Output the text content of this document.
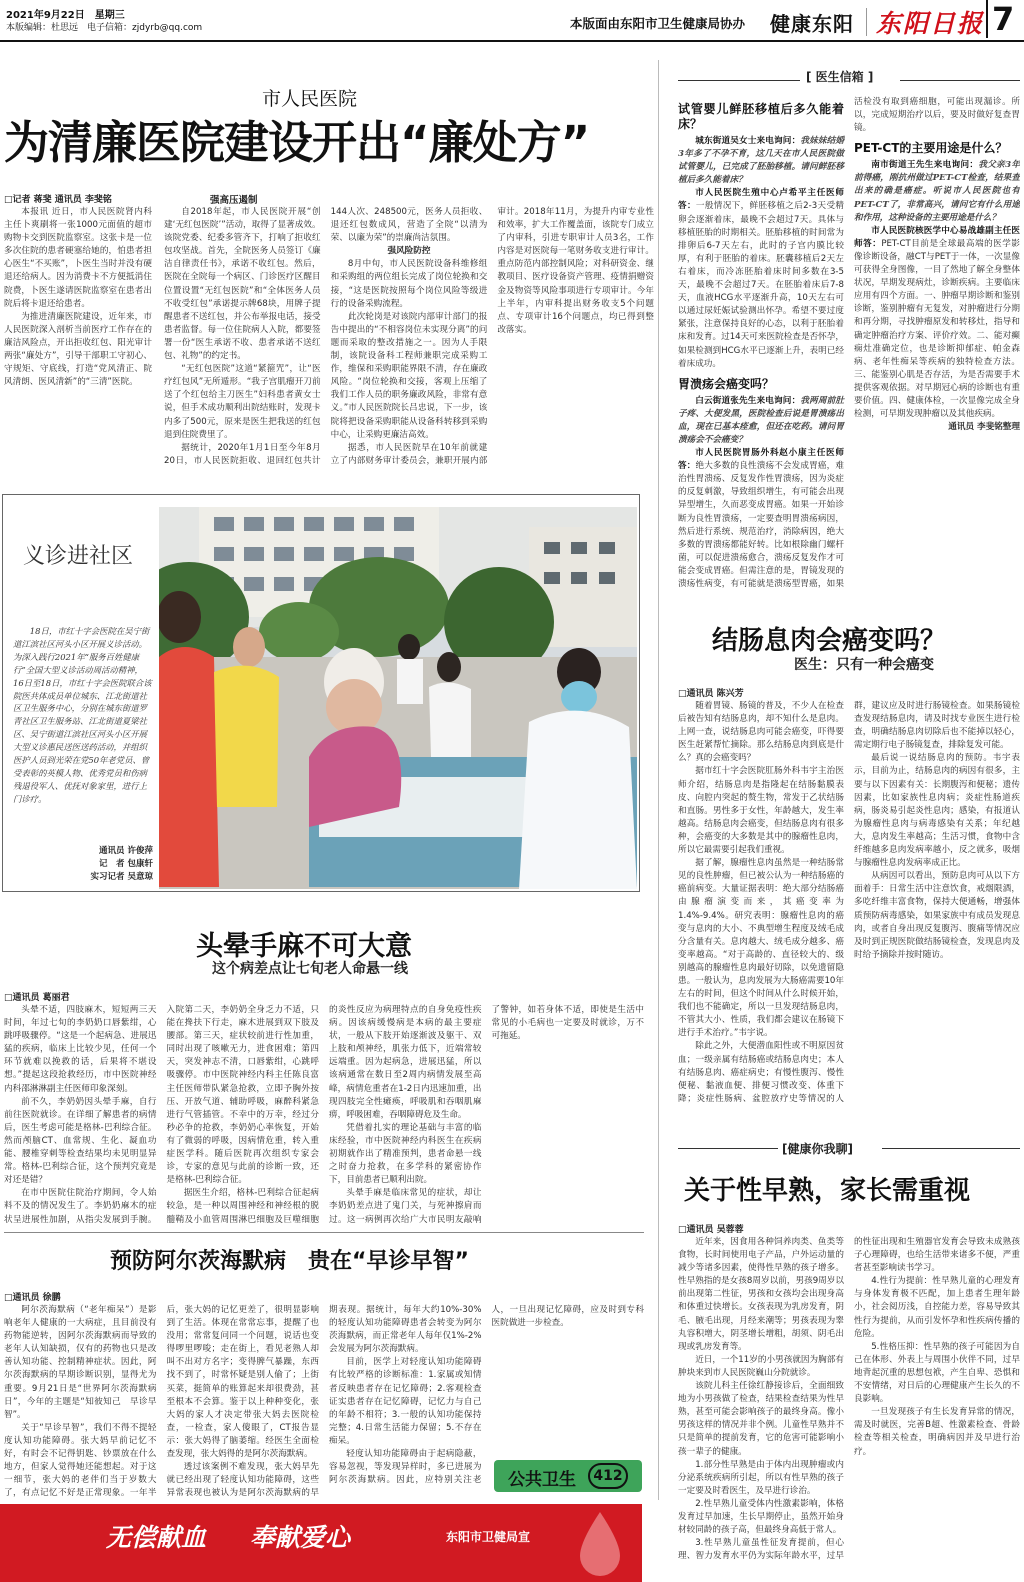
2021年9月22日　星期三
本版编辑：杜思远　电子信箱：zjdyrb@qq.com	本版面由东阳市卫生健康局协办 健康东阳 东阳日报 7
市人民医院
为清廉医院建设开出“廉处方”
□记者 蒋斐 通讯员 李斐铭

本报讯 近日，市人民医院肾内科主任卜爽刷将一张1000元面值的超市购物卡交到医院监察室。这张卡是一位多次住院的患者硬塞给她的，怕患者担心医生“不买账”，卜医生当时并没有硬退还给病人。因为消费卡不方便抵消住院费，卜医生遂请医院监察室在患者出院后将卡退还给患者。

为推进清廉医院建设，近年来，市人民医院深入剖析当前医疗工作存在的廉洁风险点，开出拒收红包、阳光审计两张“廉处方”，引导干部职工守初心、守规矩、守底线，打造“党风清正、院风清朗、医风清新”的“三清”医院。

强高压遏制

自2018年起，市人民医院开展“创建‘无红包医院’”活动，取得了显著成效。该院党委、纪委多管齐下，打响了拒收红包攻坚战。首先，全院医务人员签订《廉洁自律责任书》，承诺不收红包。然后，医院在全院每一个病区、门诊医疗区醒目位置设置“无红包医院”和“全体医务人员不收受红包”承诺提示牌68块，用牌子提醒患者不送红包，并公布举报电话，接受患者监督。每一位住院病人入院，都要签署一份“医生承诺不收、患者承诺不送红包、礼物”的约定书。

“无红包医院”这道“紧箍咒”，让“医疗红包风”无所遁形。“我子宫肌瘤开刀前送了个红包给主刀医生”妇科患者黄女士说，但手术成功顺利出院结账时，发现卡内多了500元，原来是医生把我送的红包退到住院费里了。

据统计，2020年1月1日至今年8月20日，市人民医院拒收、退回红包共计144人次、248500元，医务人员拒收、退还红包数成风，营造了全院“以清为荣、以廉为荣”的崇廉尚洁氛围。

强风险防控

8月中旬，市人民医院设备科维修组和采购组的两位组长完成了岗位轮换和交接，“这是医院按照每个岗位风险等级进行的设备采购流程。

此次轮岗是对该院内部审计部门的报告中提出的“不相容岗位未实现分离”的问题而采取的整改措施之一。因为人手限制，该院设备科工程师兼职完成采购工作，维保和采购职能界限不清，存在廉政风险。“岗位轮换和交接，客观上压缩了我们工作人员的职务廉政风险，非常有意义。”市人民医院院长吕忠说，下一步，该院将把设备采购职能从设备科转移到采购中心，让采购更廉洁高效。

据悉，市人民医院早在10年前就建立了内部财务审计委员会，兼职开展内部审计。2018年11月，为提升内审专业性和效率，扩大工作覆盖面，该院专门成立了内审科，引进专职审计人员3名，工作内容是对医院每一笔财务收支进行审计。重点防范内部控制风险；对科研资金、继教项目、医疗设备资产管理、疫情捐赠资金及物资等风险事项进行专项审计。今年上半年，内审科提出财务收支5个问题点、专项审计16个问题点，均已得到整改落实。

义诊进社区
18日，市红十字会医院在吴宁街道江滨社区河头小区开展义诊活动。为深入践行2021年“服务百姓健康行”全国大型义诊活动周活动精神，16日至18日，市红十字会医院联合该院医共体成员单位城东、江北街道社区卫生服务中心，分别在城东街道罗青社区卫生服务站、江北街道夏梁社区、吴宁街道江滨社区河头小区开展大型义诊惠民送医送药活动，并组织医护人员到光荣在党50年老党员、曾受表彰的英模人物、优秀党员和伤病残退役军人、优抚对象家里，进行上门诊疗。
通讯员 许俊萍
记　者 包康轩
实习记者 吴意琼
头晕手麻不可大意
这个病差点让七旬老人命悬一线
□通讯员 葛丽君

头晕不适，四肢麻木，短短两三天时间，年过七旬的李奶奶口唇紫绀，心跳呼吸骤停。“这是一个起病急、进展迅猛的疾病，临床上比较少见，任何一个环节就难以挽救的话，后果将不堪设想。”提起这段抢救经历，市中医院神经内科邵淋淋副主任医师印象深刻。

前不久，李奶奶因头晕手麻，自行前往医院就诊。在详细了解患者的病情后，医生考虑可能是格林-巴利综合征。然而颅脑CT、血常规、生化、凝血功能、腰椎穿刺等检查结果均未见明显异常。格林-巴利综合征，这个预判究竟是对还是错？

在市中医院住院治疗期间，令人始料不及的情况发生了。李奶奶麻木的症状呈进展性加剧，从指尖发展到手腕。入院第二天，李奶奶全身乏力不适，只能在搀扶下行走，麻木进展到双下肢及腰部。第三天，症状较前进行性加重，同时出现了咳嗽无力，进食困难；第四天，突发神志不清，口唇紫绀，心跳呼吸骤停。市中医院神经内科主任陈良富主任医师带队紧急抢救，立即予胸外按压、开放气道、辅助呼吸，麻醉科紧急进行气管插管。不幸中的万幸，经过分秒必争的抢救，李奶奶心率恢复，开始有了微弱的呼吸，因病情危重，转入重症医学科。随后医院再次组织专家会诊，专家的意见与此前的诊断一致，还是格林-巴利综合征。

据医生介绍，格林-巴利综合征起病较急，是一种以周围神经和神经根的脱髓鞘及小血管周围淋巴细胞及巨噬细胞的炎性反应为病理特点的自身免疫性疾病。因该病缓慢病是本病的最主要症状，一般从下肢开始逐渐波及躯干、双上肢和颅神经，肌张力低下，近端常较远端重。因为起病急，进展迅猛，所以该病通常在数日至2周内病情发展至高峰，病情危重者在1-2日内迅速加重，出现四肢完全性瘫痪，呼吸肌和吞咽肌麻痹，呼吸困难，吞咽障碍危及生命。

凭借着扎实的理论基础与丰富的临床经验，市中医院神经内科医生在疾病初期就作出了精准预判，患者命悬一线之时奋力抢救，在多学科的紧密协作下，目前患者已顺利出院。

头晕手麻是临床常见的症状，却让李奶奶差点进了鬼门关，与死神擦肩而过。这一病例再次给广大市民明友敲响了警钟，如若身体不适，即使是生活中常见的小毛病也一定要及时就诊，万不可拖延。

预防阿尔茨海默病　贵在“早诊早智”
□通讯员 徐鹏

阿尔茨海默病（“老年痴呆”）是影响老年人健康的一大病症，且目前没有药物能逆转，因阿尔茨海默病而导致的老年人认知缺损，仅有的药物也只是改善认知功能、控制精神症状。因此，阿尔茨海默病的早期诊断识别，显得尤为重要。9月21日是“世界阿尔茨海默病日”，今年的主题是“知彼知己　早诊早智”。

关于“早诊早智”，我们不得不提轻度认知功能障碍。张大妈早前记忆不好，有时会不记得钥匙、钞票放在什么地方，但家人觉得她还能想起。对于这一细节，张大妈的老伴们当于岁数大了，有点记忆不好是正常现象。一年半后，张大妈的记忆更差了，很明显影响到了生活。体现在常常忘事，提醒了也没用；常常复问同一个问题，说话也变得啰里啰唆；走在街上，看见老熟人却叫不出对方名字；变得脾气暴躁，东西找不到了，时常怀疑是别人偷了；上街买菜，挺简单的账算起来却很费劲，甚至根本不会算。鉴于以上种种变化，张大妈的家人才决定带张大妈去医院检查，一检查，家人傻眼了，CT报告显示：张大妈得了脑萎缩。经医生全面检查发现，张大妈得的是阿尔茨海默病。

透过该案例不难发现，张大妈早先就已经出现了轻度认知功能障碍，这些异常表现也被认为是阿尔茨海默病的早期表现。据统计，每年大约10%-30%的轻度认知功能障碍患者会转变为阿尔茨海默病，而正常老年人每年仅1%-2%会发展为阿尔茨海默病。

目前，医学上对轻度认知功能障碍有比较严格的诊断标准：1.家属或知情者反映患者存在记忆障碍；2.客观检查证实患者存在记忆障碍，记忆力与自己的年龄不相符；3.一般的认知功能保持完整；4.日常生活能力保留；5.不存在痴呆。

轻度认知功能障碍由于起病隐蔽，容易忽视，等发现异样时，多已进展为阿尔茨海默病。因此，应特别关注老人，一旦出现记忆障碍，应及时到专科医院做进一步检查。

公共卫生	412
无偿献血 奉献爱心	东阳市卫健局宣
[ 医生信箱 ]
试管婴儿鲜胚移植后多久能着床？

城东街道吴女士来电询问：我妹妹结婚3年多了不孕不育，这几天在市人民医院做试管婴儿，已完成了胚胎移植。请问鲜胚移植后多久能着床？

市人民医院生殖中心卢希平主任医师答：一般情况下，鲜胚移植之后2-3天受精卵会逐渐着床，最晚不会超过7天。具体与移植胚胎的时期相关。胚胎移植的时间常为排卵后6-7天左右，此时的子宫内膜比较厚，有利于胚胎的着床。胚囊移植后2天左右着床，而冷冻胚胎着床时间多数在3-5天，最晚不会超过7天。在胚胎着床后7-8天，血液HCG水平逐渐升高，10天左右可以通过尿妊娠试验测出怀孕。希望不要过度紧张，注意保持良好的心态，以利于胚胎着床和发育。过14天可来医院检查是否怀孕，如果检测到HCG水平已逐渐上升，表明已经着床成功。

胃溃疡会癌变吗？

白云街道张先生来电询问：我两周前肚子疼、大便发黑，医院检查后说是胃溃疡出血，现在已基本痊愈，但还在吃药。请问胃溃疡会不会癌变？

市人民医院胃肠外科赵小康主任医师答：绝大多数的良性溃疡不会发成胃癌，难治性胃溃疡、反复发作性胃溃疡，因为炎症的反复刺激，导致组织增生，有可能会出现异型增生，久而恶变成胃癌。如果一开始诊断为良性胃溃疡，一定要查明胃溃疡病因，然后进行系统、规范治疗，消除病因，绝大多数的胃溃疡都能好转。比如根除幽门螺杆菌，可以促进溃疡愈合，溃疡反复发作才可能会变成胃癌。但需注意的是，胃镜发现的溃疡性病变，有可能就是溃疡型胃癌，如果活检没有取到癌细胞，可能出现漏诊。所以，完成短期治疗以后，要及时做好复查胃镜。

PET-CT的主要用途是什么？

南市街道王先生来电询问：我父亲3年前得癌，刚抗州做过PET-CT检查，结果查出来的确是癌症。听说市人民医院也有PET-CT了，非常高兴，请问它有什么用途和作用，这种设备的主要用途是什么？

市人民医院核医学中心易战雄副主任医师答：PET-CT目前是全球最高端的医学影像诊断设备，融CT与PET于一体，一次显像可获得全身图像，一目了然地了解全身整体状况，早期发现病灶，诊断疾病。主要临床应用有四个方面。一、肿瘤早期诊断和鉴别诊断，鉴别肿瘤有无复发，对肿瘤进行分期和再分期，寻找肿瘤原发和转移灶，指导和确定肿瘤治疗方案、评价疗效。二、能对癫痫灶准确定位，也是诊断抑郁症、帕金森病、老年性痴呆等疾病的独特检查方法。三、能鉴别心肌是否存活，为是否需要手术提供客观依据。对早期冠心病的诊断也有重要价值。四、健康体检，一次显像完成全身检测，可早期发现肿瘤以及其他疾病。

通讯员 李斐铭整理
结肠息肉会癌变吗？
医生：只有一种会癌变
□通讯员 陈兴芳

随着胃镜、肠镜的普及，不少人在检查后被告知有结肠息肉，却不知什么是息肉。上网一查，说结肠息肉可能会癌变，吓得要医生赶紧帮忙摘除。那么结肠息肉到底是什么？真的会癌变吗？

据市红十字会医院肛肠外科韦宇主治医师介绍，结肠息肉是指隆起在结肠黏膜表皮、向腔内突起的赘生物，常发于乙状结肠和直肠。男性多于女性，年龄越大，发生率越高。结肠息肉会癌变，但结肠息肉有很多种，会癌变的大多数是其中的腺瘤性息肉，所以它最需要引起我们重视。

据了解，腺瘤性息肉虽然是一种结肠常见的良性肿瘤，但已被公认为一种结肠癌的癌前病变。大量证据表明：绝大部分结肠癌由腺瘤演变而来，其癌变率为1.4%-9.4%。研究表明：腺瘤性息肉的癌变与息肉的大小、不典型增生程度及绒毛成分含量有关。息肉越大、绒毛成分越多、癌变率越高。“对于高龄的、直径较大的、级别越高的腺瘤性息肉最好切除，以免遗留隐患。一般认为，息肉发展为大肠癌需要10年左右的时间，但这个时间从什么时候开始，我们也不能确定，所以一旦发现结肠息肉，不管其大小、性质，我们都会建议在肠镜下进行手术治疗。”韦宇说。

除此之外，大便潜血阳性或不明原因贫血；一级亲属有结肠癌或结肠息肉史；本人有结肠息肉、癌症病史；有慢性腹泻、慢性便秘、黏液血便、排便习惯改变、体重下降；炎症性肠病、盆腔放疗史等情况的人群，建议应及时进行肠镜检查。如果肠镜检查发现结肠息肉，请及时找专业医生进行检查，明确结肠息肉切除后也不能掉以轻心，需定期行电子肠镜复查，排除复发可能。

最后说一说结肠息肉的预防。韦宇表示，目前为止，结肠息肉的病因有很多，主要与以下因素有关：长期腹泻和便秘；遗传因素，比如家族性息肉病；炎症性肠道疾病，肠炎易引起炎性息肉；感染，有报道认为腺瘤性息肉与病毒感染有关系；年纪越大，息肉发生率越高；生活习惯，食物中含纤维越多息肉发病率越小，反之就多，吸烟与腺瘤性息肉发病率成正比。

从病因可以看出，预防息肉可从以下方面着手：日常生活中注意饮食，戒烟限酒，多吃纤维丰富食物，保持大便通畅，增强体质预防病毒感染，如果家族中有成员发现息肉，或者自身出现反复腹泻、腹痛等情况应及时到正规医院做结肠镜检查，发现息肉及时给予摘除并按时随访。

[健康你我聊]
关于性早熟，家长需重视
□通讯员 吴蓉蓉

近年来，因食用各种饲养肉类、鱼类等食物，长时间使用电子产品，户外运动量的减少等诸多因素，使得性早熟的孩子增多。性早熟指的是女孩8周岁以前，男孩9周岁以前出现第二性征，男孩和女孩均会出现身高和体重过快增长。女孩表现为乳房发育，阴毛、腋毛出现，月经来潮等；男孩表现为睾丸容积增大，阴茎增长增粗，胡须、阴毛出现或乳房发育等。

近日，一个11岁的小男孩就因为胸部有肿块来到市人民医院巍山分院就诊。

该院儿科主任徐红静接诊后，全面细致地为小男孩做了检查，结果检查结果为性早熟，甚至可能会影响孩子的最终身高。像小男孩这样的情况并非个例。儿童性早熟并不只是简单的提前发育，它的危害可能影响小孩一辈子的健康。

1.部分性早熟是由于体内出现肿瘤或内分泌系统疾病所引起，所以有性早熟的孩子一定要及时看医生，及早进行诊治。

2.性早熟儿童受体内性激素影响，体格发育过早加速，生长早期停止，虽然开始身材较同龄的孩子高，但最终身高低于常人。

3.性早熟儿童虽性征发育提前，但心理、智力发育水平仍为实际年龄水平，过早的性征出现和生殖器官发育会导致未成熟孩子心理障碍，也给生活带来诸多不便，严重者甚至影响读书学习。

4.性行为提前：性早熟儿童的心理发育与身体发育极不匹配，加上患者生理年龄小，社会阅历浅，自控能力差，容易导致其性行为提前，从而引发怀孕和性疾病传播的危险。

5.性格压抑：性早熟的孩子可能因为自己在体形、外表上与周围小伙伴不同，过早地背起沉重的思想包袱，产生自卑、恐惧和不安情绪，对日后的心理健康产生长久的不良影响。

一旦发现孩子有生长发育异常的情况，需及时就医，完善B超、性激素检查、骨龄检查等相关检查，明确病因并及早进行治疗。
